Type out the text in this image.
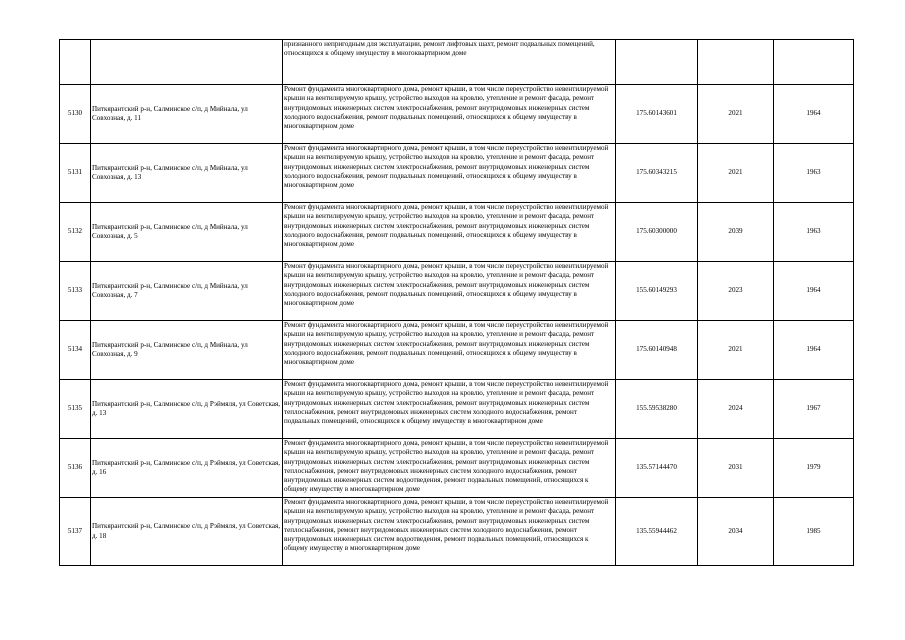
		признанного непригодным для эксплуатации, ремонт лифтовых шахт, ремонт подвальных помещений, относящихся к общему имуществу в многоквартирном доме			
5130	Питкярантский р-н, Салминское с/п, д Мийнала, ул Совхозная, д. 11	Ремонт фундамента многоквартирного дома, ремонт крыши, в том числе переустройство невентилируемой крыши на вентилируемую крышу, устройство выходов на кровлю, утепление и ремонт фасада, ремонт внутридомовых инженерных систем электроснабжения, ремонт внутридомовых инженерных систем холодного водоснабжения, ремонт подвальных помещений, относящихся к общему имуществу в многоквартирном доме	175.60143601	2021	1964
5131	Питкярантский р-н, Салминское с/п, д Мийнала, ул Совхозная, д. 13	Ремонт фундамента многоквартирного дома, ремонт крыши, в том числе переустройство невентилируемой крыши на вентилируемую крышу, устройство выходов на кровлю, утепление и ремонт фасада, ремонт внутридомовых инженерных систем электроснабжения, ремонт внутридомовых инженерных систем холодного водоснабжения, ремонт подвальных помещений, относящихся к общему имуществу в многоквартирном доме	175.60343215	2021	1963
5132	Питкярантский р-н, Салминское с/п, д Мийнала, ул Совхозная, д. 5	Ремонт фундамента многоквартирного дома, ремонт крыши, в том числе переустройство невентилируемой крыши на вентилируемую крышу, устройство выходов на кровлю, утепление и ремонт фасада, ремонт внутридомовых инженерных систем электроснабжения, ремонт внутридомовых инженерных систем холодного водоснабжения, ремонт подвальных помещений, относящихся к общему имуществу в многоквартирном доме	175.60300000	2039	1963
5133	Питкярантский р-н, Салминское с/п, д Мийнала, ул Совхозная, д. 7	Ремонт фундамента многоквартирного дома, ремонт крыши, в том числе переустройство невентилируемой крыши на вентилируемую крышу, устройство выходов на кровлю, утепление и ремонт фасада, ремонт внутридомовых инженерных систем электроснабжения, ремонт внутридомовых инженерных систем холодного водоснабжения, ремонт подвальных помещений, относящихся к общему имуществу в многоквартирном доме	155.60149293	2023	1964
5134	Питкярантский р-н, Салминское с/п, д Мийнала, ул Совхозная, д. 9	Ремонт фундамента многоквартирного дома, ремонт крыши, в том числе переустройство невентилируемой крыши на вентилируемую крышу, устройство выходов на кровлю, утепление и ремонт фасада, ремонт внутридомовых инженерных систем электроснабжения, ремонт внутридомовых инженерных систем холодного водоснабжения, ремонт подвальных помещений, относящихся к общему имуществу в многоквартирном доме	175.60140948	2021	1964
5135	Питкярантский р-н, Салминское с/п, д Рэймяля, ул Советская, д. 13	Ремонт фундамента многоквартирного дома, ремонт крыши, в том числе переустройство невентилируемой крыши на вентилируемую крышу, устройство выходов на кровлю, утепление и ремонт фасада, ремонт внутридомовых инженерных систем электроснабжения, ремонт внутридомовых инженерных систем теплоснабжения, ремонт внутридомовых инженерных систем холодного водоснабжения, ремонт подвальных помещений, относящихся к общему имуществу в многоквартирном доме	155.59538280	2024	1967
5136	Питкярантский р-н, Салминское с/п, д Рэймяля, ул Советская, д. 16	Ремонт фундамента многоквартирного дома, ремонт крыши, в том числе переустройство невентилируемой крыши на вентилируемую крышу, устройство выходов на кровлю, утепление и ремонт фасада, ремонт внутридомовых инженерных систем электроснабжения, ремонт внутридомовых инженерных систем теплоснабжения, ремонт внутридомовых инженерных систем холодного водоснабжения, ремонт внутридомовых инженерных систем водоотведения, ремонт подвальных помещений, относящихся к общему имуществу в многоквартирном доме	135.57144470	2031	1979
5137	Питкярантский р-н, Салминское с/п, д Рэймяля, ул Советская, д. 18	Ремонт фундамента многоквартирного дома, ремонт крыши, в том числе переустройство невентилируемой крыши на вентилируемую крышу, устройство выходов на кровлю, утепление и ремонт фасада, ремонт внутридомовых инженерных систем электроснабжения, ремонт внутридомовых инженерных систем теплоснабжения, ремонт внутридомовых инженерных систем холодного водоснабжения, ремонт внутридомовых инженерных систем водоотведения, ремонт подвальных помещений, относящихся к общему имуществу в многоквартирном доме	135.55944462	2034	1985
